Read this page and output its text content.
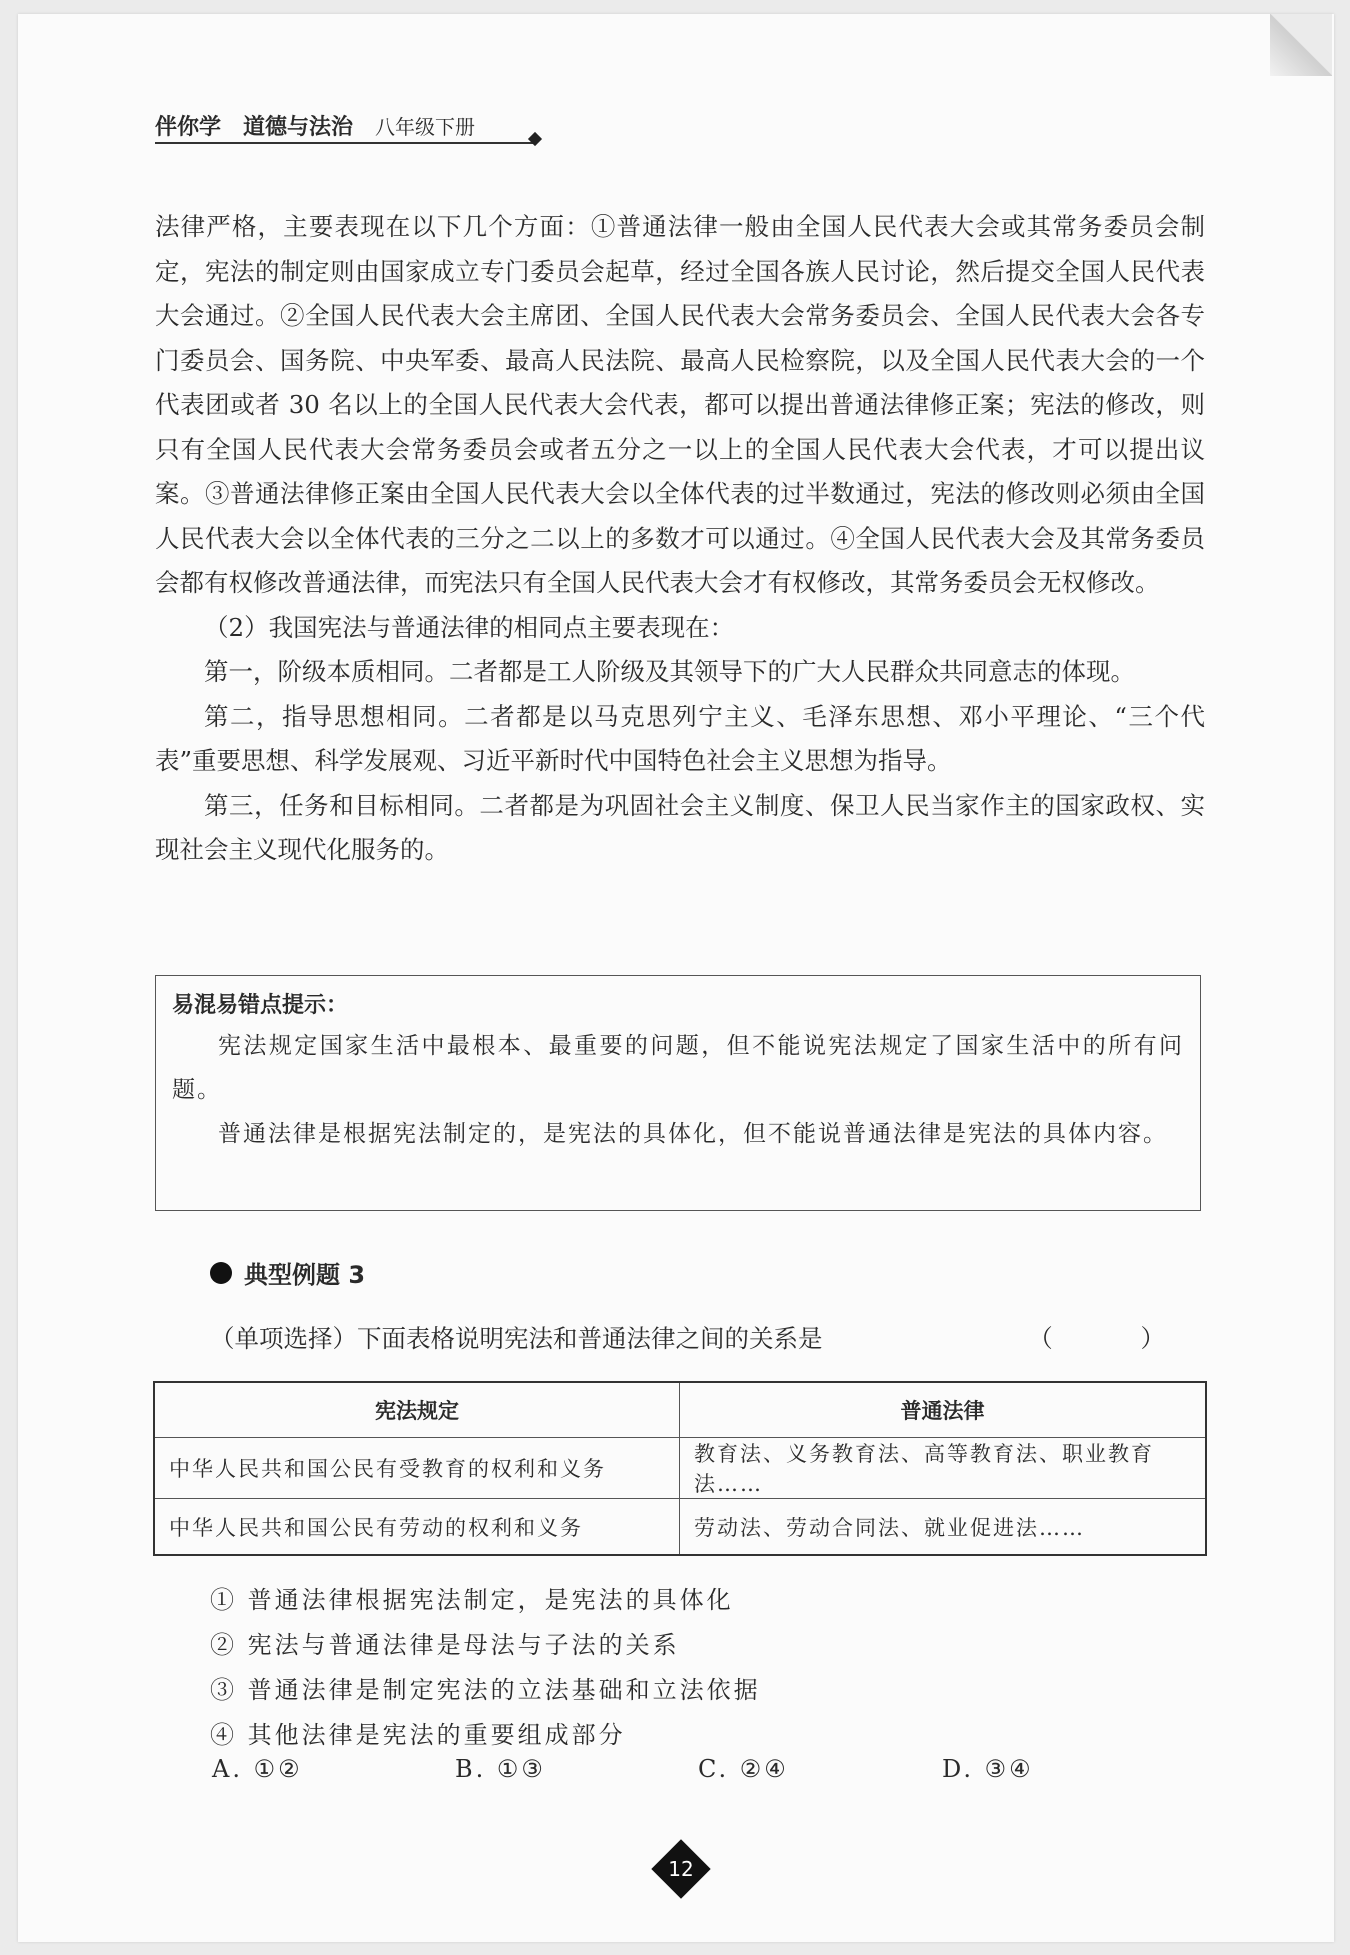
伴你学 道德与法治 八年级下册

法律严格，主要表现在以下几个方面：①普通法律一般由全国人民代表大会或其常务委员会制定，宪法的制定则由国家成立专门委员会起草，经过全国各族人民讨论，然后提交全国人民代表大会通过。②全国人民代表大会主席团、全国人民代表大会常务委员会、全国人民代表大会各专门委员会、国务院、中央军委、最高人民法院、最高人民检察院，以及全国人民代表大会的一个代表团或者 30 名以上的全国人民代表大会代表，都可以提出普通法律修正案；宪法的修改，则只有全国人民代表大会常务委员会或者五分之一以上的全国人民代表大会代表，才可以提出议案。③普通法律修正案由全国人民代表大会以全体代表的过半数通过，宪法的修改则必须由全国人民代表大会以全体代表的三分之二以上的多数才可以通过。④全国人民代表大会及其常务委员会都有权修改普通法律，而宪法只有全国人民代表大会才有权修改，其常务委员会无权修改。

（2）我国宪法与普通法律的相同点主要表现在：

第一，阶级本质相同。二者都是工人阶级及其领导下的广大人民群众共同意志的体现。

第二，指导思想相同。二者都是以马克思列宁主义、毛泽东思想、邓小平理论、“三个代表”重要思想、科学发展观、习近平新时代中国特色社会主义思想为指导。

第三，任务和目标相同。二者都是为巩固社会主义制度、保卫人民当家作主的国家政权、实现社会主义现代化服务的。

易混易错点提示：

宪法规定国家生活中最根本、最重要的问题，但不能说宪法规定了国家生活中的所有问题。

普通法律是根据宪法制定的，是宪法的具体化，但不能说普通法律是宪法的具体内容。

典型例题 3
（单项选择）下面表格说明宪法和普通法律之间的关系是	（ ）
宪法规定	普通法律
中华人民共和国公民有受教育的权利和义务	教育法、义务教育法、高等教育法、职业教育法……
中华人民共和国公民有劳动的权利和义务	劳动法、劳动合同法、就业促进法……

① 普通法律根据宪法制定，是宪法的具体化

② 宪法与普通法律是母法与子法的关系

③ 普通法律是制定宪法的立法基础和立法依据

④ 其他法律是宪法的重要组成部分

A. ①②	B. ①③	C. ②④	D. ③④
12
